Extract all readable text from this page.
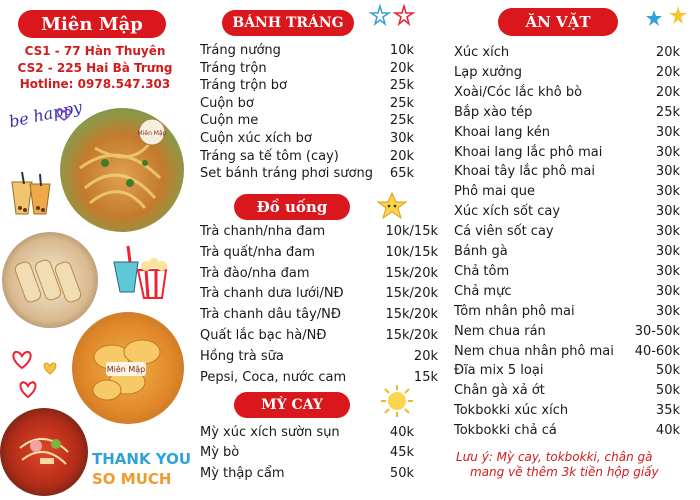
Miên Mập
CS1 - 77 Hàn Thuyên
CS2 - 225 Hai Bà Trưng
Hotline: 0978.547.303
be happy
Miên Mập
Miên Mập
THANK YOU
SO MUCH
BÁNH TRÁNG
Tráng nướng	10k
Tráng trộn	20k
Tráng trộn bơ	25k
Cuộn bơ	25k
Cuộn me	25k
Cuộn xúc xích bơ	30k
Tráng sa tế tôm (cay)	20k
Set bánh tráng phơi sương	65k
Đồ uống
Trà chanh/nha đam	10k/15k
Trà quất/nha đam	10k/15k
Trà đào/nha đam	15k/20k
Trà chanh dưa lưới/NĐ	15k/20k
Trà chanh dâu tây/NĐ	15k/20k
Quất lắc bạc hà/NĐ	15k/20k
Hồng trà sữa	20k
Pepsi, Coca, nước cam	15k
MỲ CAY
Mỳ xúc xích sườn sụn	40k
Mỳ bò	45k
Mỳ thập cẩm	50k
ĂN VẶT
Xúc xích	20k
Lạp xưởng	20k
Xoài/Cóc lắc khô bò	20k
Bắp xào tép	25k
Khoai lang kén	30k
Khoai lang lắc phô mai	30k
Khoai tây lắc phô mai	30k
Phô mai que	30k
Xúc xích sốt cay	30k
Cá viên sốt cay	30k
Bánh gà	30k
Chả tôm	30k
Chả mực	30k
Tôm nhân phô mai	30k
Nem chua rán	30-50k
Nem chua nhân phô mai	40-60k
Đĩa mix 5 loại	50k
Chân gà xả ớt	50k
Tokbokki xúc xích	35k
Tokbokki chả cá	40k
Lưu ý: Mỳ cay, tokbokki, chân gà
mang về thêm 3k tiền hộp giấy
